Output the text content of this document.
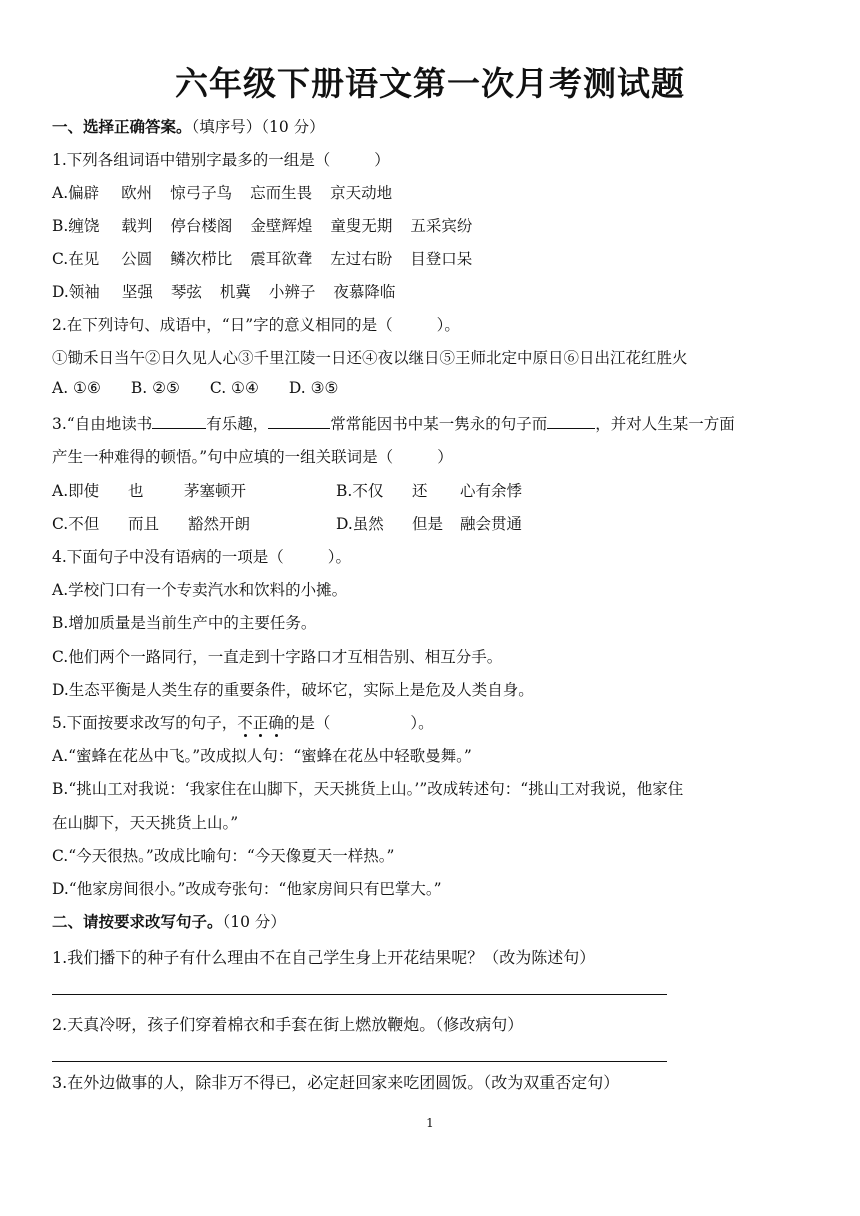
六年级下册语文第一次月考测试题
一、选择正确答案。（填序号）（10 分）
1.下列各组词语中错别字最多的一组是（	）
A.偏辟 欧州 惊弓子鸟 忘而生畏 京天动地
B.缠饶 载判 停台楼阁 金壁辉煌 童叟无期 五采宾纷
C.在见 公圆 鳞次栉比 震耳欲聋 左过右盼 目登口呆
D.领袖 坚强 琴弦 机冀 小辨子 夜慕降临
2.在下列诗句、成语中，“日”字的意义相同的是（	）。
①锄禾日当午②日久见人心③千里江陵一日还④夜以继日⑤王师北定中原日⑥日出江花红胜火
A. ①⑥ B. ②⑤ C. ①④ D. ③⑤
3.“自由地读书	有乐趣，	常常能因书中某一隽永的句子而	，并对人生某一方面
产生一种难得的顿悟。”句中应填的一组关联词是（	）
A.即使 也	茅塞顿开	B.不仅 还 心有余悸
C.不但 而且 豁然开朗	D.虽然 但是 融会贯通
4.下面句子中没有语病的一项是（	）。
A.学校门口有一个专卖汽水和饮料的小摊。
B.增加质量是当前生产中的主要任务。
C.他们两个一路同行，一直走到十字路口才互相告别、相互分手。
D.生态平衡是人类生存的重要条件，破坏它，实际上是危及人类自身。
5.下面按要求改写的句子，不正确的是（	）。
A.“蜜蜂在花丛中飞。”改成拟人句：“蜜蜂在花丛中轻歌曼舞。”
B.“挑山工对我说：‘我家住在山脚下，天天挑货上山。’”改成转述句：“挑山工对我说，他家住
在山脚下，天天挑货上山。”
C.“今天很热。”改成比喻句：“今天像夏天一样热。”
D.“他家房间很小。”改成夸张句：“他家房间只有巴掌大。”
二、请按要求改写句子。（10 分）
1.我们播下的种子有什么理由不在自己学生身上开花结果呢？（改为陈述句）
2.天真冷呀，孩子们穿着棉衣和手套在街上燃放鞭炮。（修改病句）
3.在外边做事的人，除非万不得已，必定赶回家来吃团圆饭。（改为双重否定句）
1
